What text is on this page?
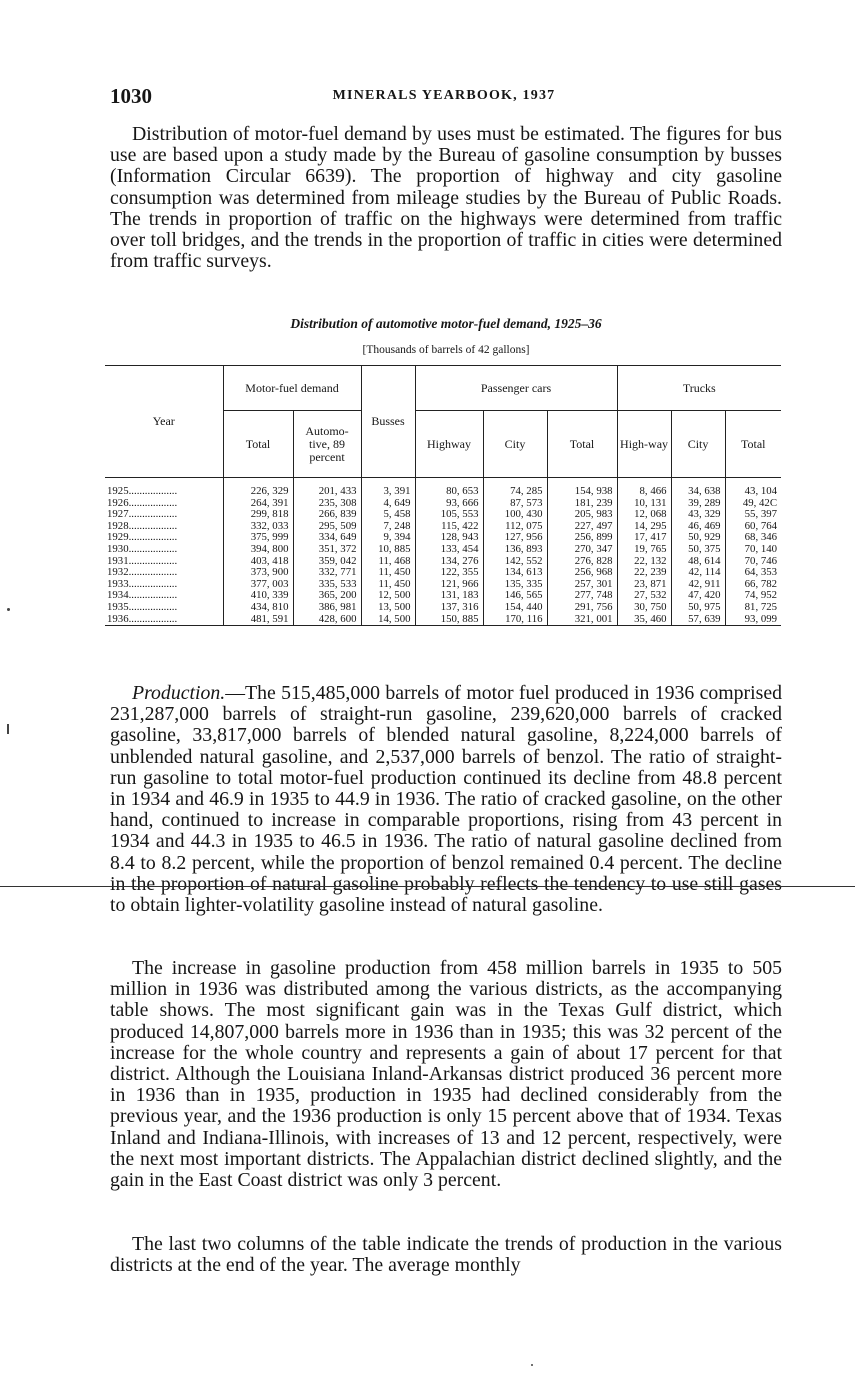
1030	MINERALS YEARBOOK, 1937

Distribution of motor-fuel demand by uses must be estimated. The figures for bus use are based upon a study made by the Bureau of gasoline consumption by busses (Information Circular 6639). The proportion of highway and city gasoline consumption was determined from mileage studies by the Bureau of Public Roads. The trends in proportion of traffic on the highways were determined from traffic over toll bridges, and the trends in the proportion of traffic in cities were determined from traffic surveys.

Distribution of automotive motor-fuel demand, 1925–36
[Thousands of barrels of 42 gallons]
Year	Motor-fuel demand		Busses	Passenger cars			Trucks		
	Total	Automo-tive, 89 percent		Highway	City	Total	High-way	City	Total
1925..................	226, 329	201, 433	3, 391	80, 653	74, 285	154, 938	8, 466	34, 638	43, 104
1926..................	264, 391	235, 308	4, 649	93, 666	87, 573	181, 239	10, 131	39, 289	49, 42C
1927..................	299, 818	266, 839	5, 458	105, 553	100, 430	205, 983	12, 068	43, 329	55, 397
1928..................	332, 033	295, 509	7, 248	115, 422	112, 075	227, 497	14, 295	46, 469	60, 764
1929..................	375, 999	334, 649	9, 394	128, 943	127, 956	256, 899	17, 417	50, 929	68, 346
1930..................	394, 800	351, 372	10, 885	133, 454	136, 893	270, 347	19, 765	50, 375	70, 140
1931..................	403, 418	359, 042	11, 468	134, 276	142, 552	276, 828	22, 132	48, 614	70, 746
1932..................	373, 900	332, 771	11, 450	122, 355	134, 613	256, 968	22, 239	42, 114	64, 353
1933..................	377, 003	335, 533	11, 450	121, 966	135, 335	257, 301	23, 871	42, 911	66, 782
1934..................	410, 339	365, 200	12, 500	131, 183	146, 565	277, 748	27, 532	47, 420	74, 952
1935..................	434, 810	386, 981	13, 500	137, 316	154, 440	291, 756	30, 750	50, 975	81, 725
1936..................	481, 591	428, 600	14, 500	150, 885	170, 116	321, 001	35, 460	57, 639	93, 099

Production.—The 515,485,000 barrels of motor fuel produced in 1936 comprised 231,287,000 barrels of straight-run gasoline, 239,620,000 barrels of cracked gasoline, 33,817,000 barrels of blended natural gasoline, 8,224,000 barrels of unblended natural gasoline, and 2,537,000 barrels of benzol. The ratio of straight-run gasoline to total motor-fuel production continued its decline from 48.8 percent in 1934 and 46.9 in 1935 to 44.9 in 1936. The ratio of cracked gasoline, on the other hand, continued to increase in comparable proportions, rising from 43 percent in 1934 and 44.3 in 1935 to 46.5 in 1936. The ratio of natural gasoline declined from 8.4 to 8.2 percent, while the proportion of benzol remained 0.4 percent. The decline in the proportion of natural gasoline probably reflects the tendency to use still gases to obtain lighter-volatility gasoline instead of natural gasoline.

The increase in gasoline production from 458 million barrels in 1935 to 505 million in 1936 was distributed among the various districts, as the accompanying table shows. The most significant gain was in the Texas Gulf district, which produced 14,807,000 barrels more in 1936 than in 1935; this was 32 percent of the increase for the whole country and represents a gain of about 17 percent for that district. Although the Louisiana Inland-Arkansas district produced 36 percent more in 1936 than in 1935, production in 1935 had declined considerably from the previous year, and the 1936 production is only 15 percent above that of 1934. Texas Inland and Indiana-Illinois, with increases of 13 and 12 percent, respectively, were the next most important districts. The Appalachian district declined slightly, and the gain in the East Coast district was only 3 percent.

The last two columns of the table indicate the trends of production in the various districts at the end of the year. The average monthly
